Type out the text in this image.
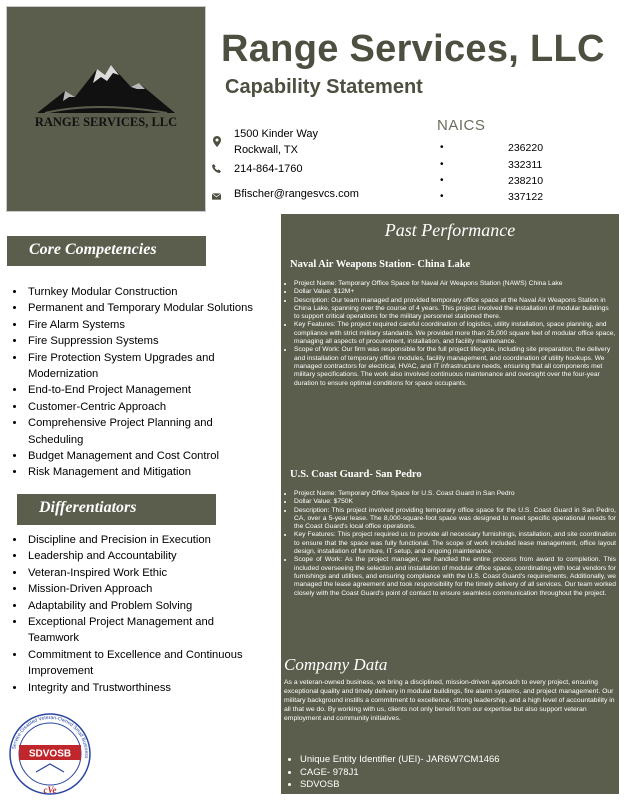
RANGE SERVICES, LLC
Range Services, LLC
Capability Statement
1500 Kinder Way
Rockwall, TX
214-864-1760
Bfischer@rangesvcs.com
NAICS
•	236220
•	332311
•	238210
•	337122
Core Competencies
• Turnkey Modular Construction
• Permanent and Temporary Modular Solutions
• Fire Alarm Systems
• Fire Suppression Systems
• Fire Protection System Upgrades and Modernization
• End-to-End Project Management
• Customer-Centric Approach
• Comprehensive Project Planning and Scheduling
• Budget Management and Cost Control
• Risk Management and Mitigation
Differentiators
• Discipline and Precision in Execution
• Leadership and Accountability
• Veteran-Inspired Work Ethic
• Mission-Driven Approach
• Adaptability and Problem Solving
• Exceptional Project Management and Teamwork
• Commitment to Excellence and Continuous Improvement
• Integrity and Trustworthiness
Service-Disabled Veteran-Owned Small Business
SDVOSB
cVe
Past Performance
Naval Air Weapons Station- China Lake
• Project Name: Temporary Office Space for Naval Air Weapons Station (NAWS) China Lake
• Dollar Value: $12M+
• Description: Our team managed and provided temporary office space at the Naval Air Weapons Station in China Lake, spanning over the course of 4 years. This project involved the installation of modular buildings to support critical operations for the military personnel stationed there.
• Key Features: The project required careful coordination of logistics, utility installation, space planning, and compliance with strict military standards. We provided more than 25,000 square feet of modular office space, managing all aspects of procurement, installation, and facility maintenance.
• Scope of Work: Our firm was responsible for the full project lifecycle, including site preparation, the delivery and installation of temporary office modules, facility management, and coordination of utility hookups. We managed contractors for electrical, HVAC, and IT infrastructure needs, ensuring that all components met military specifications. The work also involved continuous maintenance and oversight over the four-year duration to ensure optimal conditions for space occupants.
U.S. Coast Guard- San Pedro
• Project Name: Temporary Office Space for U.S. Coast Guard in San Pedro
• Dollar Value: $750K
• Description: This project involved providing temporary office space for the U.S. Coast Guard in San Pedro, CA, over a 5-year lease. The 8,000-square-foot space was designed to meet specific operational needs for the Coast Guard's local office operations.
• Key Features: This project required us to provide all necessary furnishings, installation, and site coordination to ensure that the space was fully functional. The scope of work included lease management, office layout design, installation of furniture, IT setup, and ongoing maintenance.
• Scope of Work: As the project manager, we handled the entire process from award to completion. This included overseeing the selection and installation of modular office space, coordinating with local vendors for furnishings and utilities, and ensuring compliance with the U.S. Coast Guard's requirements. Additionally, we managed the lease agreement and took responsibility for the timely delivery of all services. Our team worked closely with the Coast Guard's point of contact to ensure seamless communication throughout the project.
Company Data
As a veteran-owned business, we bring a disciplined, mission-driven approach to every project, ensuring exceptional quality and timely delivery in modular buildings, fire alarm systems, and project management. Our military background instills a commitment to excellence, strong leadership, and a high level of accountability in all that we do. By working with us, clients not only benefit from our expertise but also support veteran employment and community initiatives.
• Unique Entity Identifier (UEI)- JAR6W7CM1466
• CAGE- 978J1
• SDVOSB
